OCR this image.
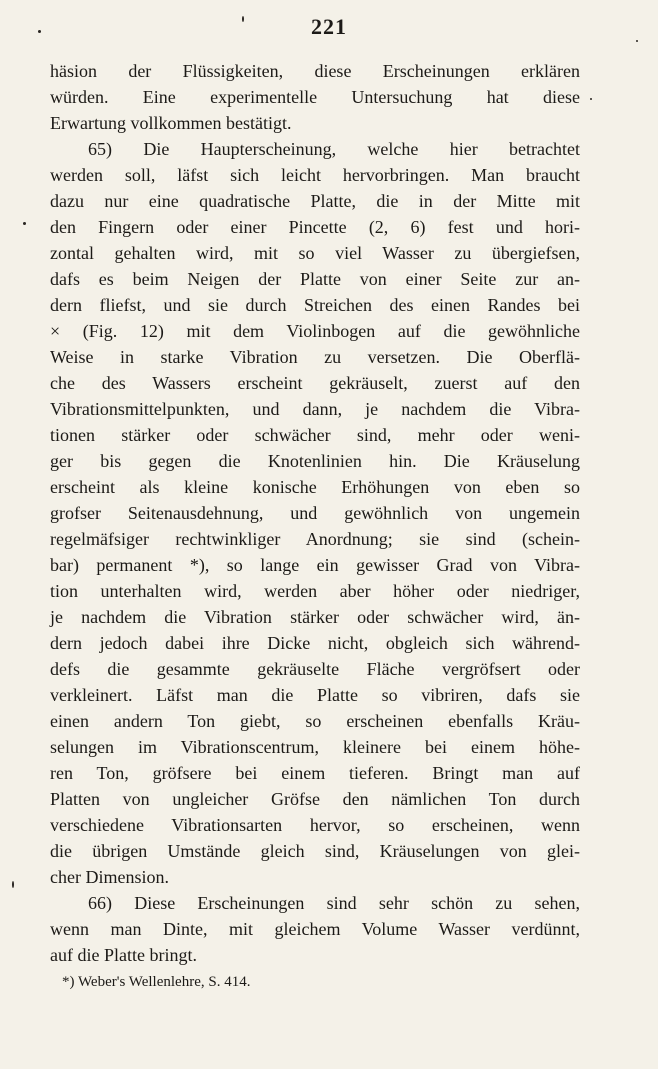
221
häsion der Flüssigkeiten, diese Erscheinungen erklären
würden. Eine experimentelle Untersuchung hat diese
Erwartung vollkommen bestätigt.
65) Die Haupterscheinung, welche hier betrachtet
werden soll, läfst sich leicht hervorbringen. Man braucht
dazu nur eine quadratische Platte, die in der Mitte mit
den Fingern oder einer Pincette (2, 6) fest und hori-
zontal gehalten wird, mit so viel Wasser zu übergiefsen,
dafs es beim Neigen der Platte von einer Seite zur an-
dern fliefst, und sie durch Streichen des einen Randes bei
× (Fig. 12) mit dem Violinbogen auf die gewöhnliche
Weise in starke Vibration zu versetzen. Die Oberflä-
che des Wassers erscheint gekräuselt, zuerst auf den
Vibrationsmittelpunkten, und dann, je nachdem die Vibra-
tionen stärker oder schwächer sind, mehr oder weni-
ger bis gegen die Knotenlinien hin. Die Kräuselung
erscheint als kleine konische Erhöhungen von eben so
grofser Seitenausdehnung, und gewöhnlich von ungemein
regelmäfsiger rechtwinkliger Anordnung; sie sind (schein-
bar) permanent *), so lange ein gewisser Grad von Vibra-
tion unterhalten wird, werden aber höher oder niedriger,
je nachdem die Vibration stärker oder schwächer wird, än-
dern jedoch dabei ihre Dicke nicht, obgleich sich während-
defs die gesammte gekräuselte Fläche vergröfsert oder
verkleinert. Läfst man die Platte so vibriren, dafs sie
einen andern Ton giebt, so erscheinen ebenfalls Kräu-
selungen im Vibrationscentrum, kleinere bei einem höhe-
ren Ton, gröfsere bei einem tieferen. Bringt man auf
Platten von ungleicher Gröfse den nämlichen Ton durch
verschiedene Vibrationsarten hervor, so erscheinen, wenn
die übrigen Umstände gleich sind, Kräuselungen von glei-
cher Dimension.
66) Diese Erscheinungen sind sehr schön zu sehen,
wenn man Dinte, mit gleichem Volume Wasser verdünnt,
auf die Platte bringt.
*) Weber's Wellenlehre, S. 414.
